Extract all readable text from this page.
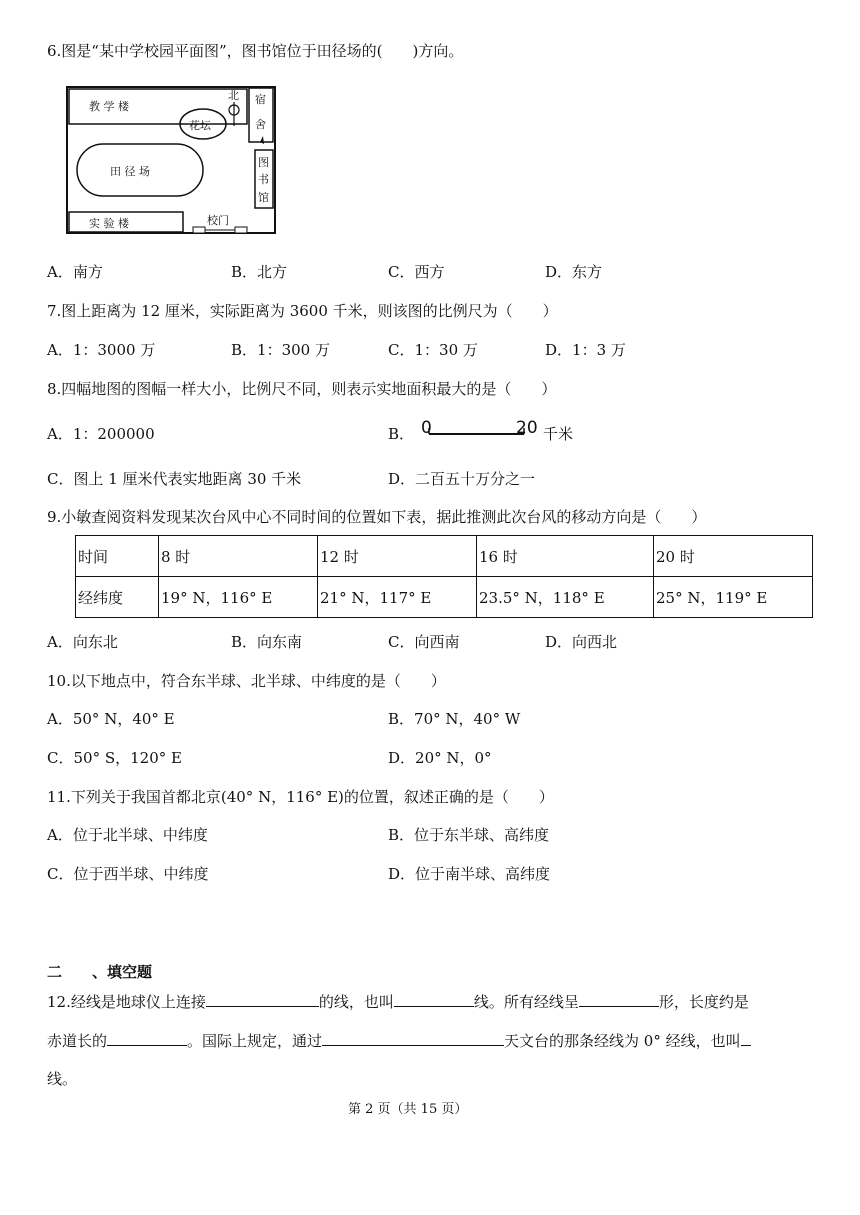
6.图是“某中学校园平面图”，图书馆位于田径场的(　　)方向。
教 学 楼
花坛
北 宿
舍
图
书
馆
田 径 场
实 验 楼	校门
A．南方	B．北方	C．西方	D．东方
7.图上距离为 12 厘米，实际距离为 3600 千米，则该图的比例尺为（　　）
A．1：3000 万	B．1：300 万	C．1：30 万	D．1：3 万
8.四幅地图的图幅一样大小，比例尺不同，则表示实地面积最大的是（　　）
A．1：200000	B． 0	20 千米
C．图上 1 厘米代表实地距离 30 千米	D．二百五十万分之一
9.小敏查阅资料发现某次台风中心不同时间的位置如下表，据此推测此次台风的移动方向是（　　）
时间	8 时	12 时	16 时	20 时
经纬度	19° N，116° E	21° N，117° E	23.5° N，118° E	25° N，119° E
A．向东北	B．向东南	C．向西南	D．向西北
10.以下地点中，符合东半球、北半球、中纬度的是（　　）
A．50° N，40° E	B．70° N，40° W
C．50° S，120° E	D．20° N，0°
11.下列关于我国首都北京(40° N，116° E)的位置，叙述正确的是（　　）
A．位于北半球、中纬度	B．位于东半球、高纬度
C．位于西半球、中纬度	D．位于南半球、高纬度
二　　、填空题
12.经线是地球仪上连接	的线，也叫	线。所有经线呈	形，长度约是
赤道长的	。国际上规定，通过	天文台的那条经线为 0° 经线，也叫
线。
第 2 页（共 15 页）
